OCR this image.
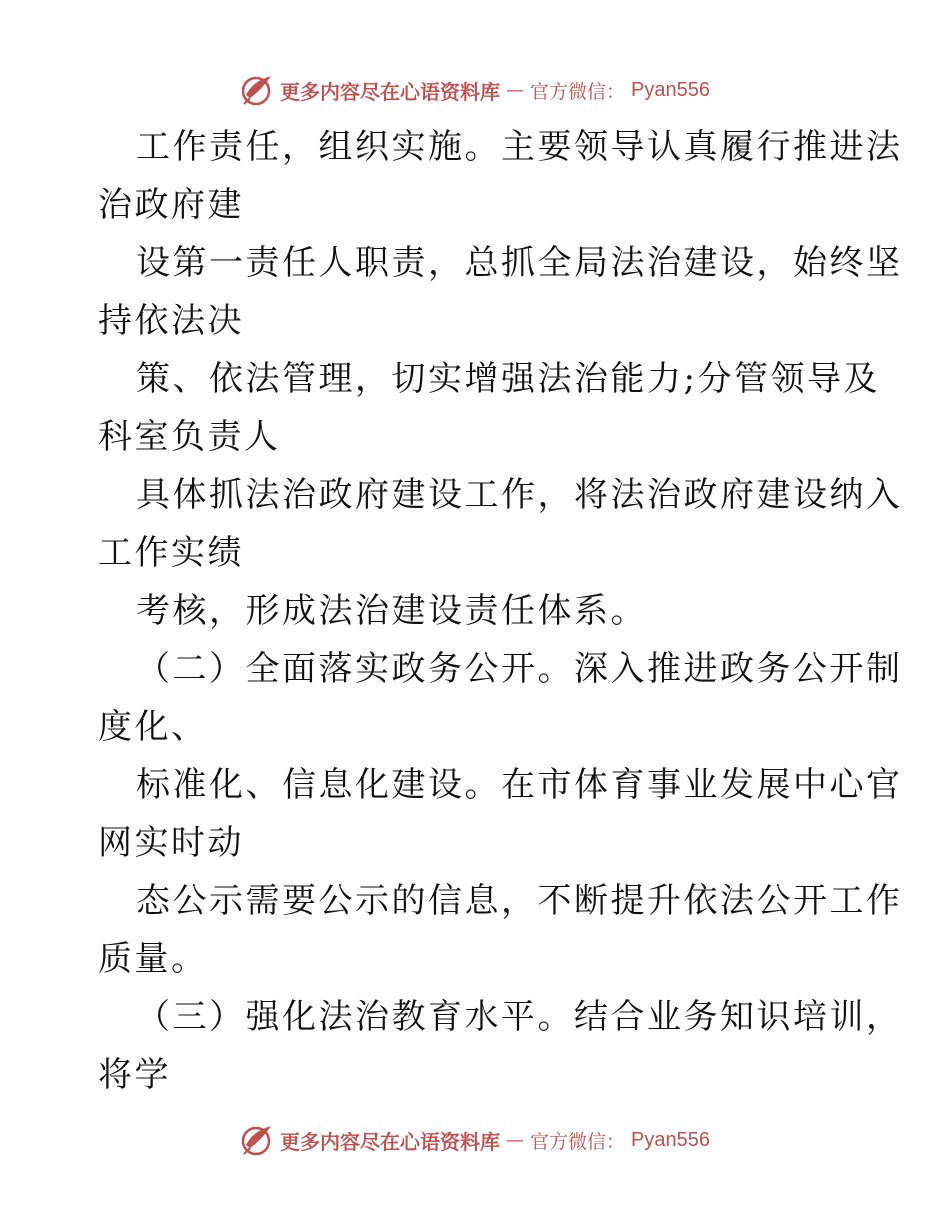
更多内容尽在心语资料库 — 官方微信： Pyan556
工作责任，组织实施。主要领导认真履行推进法
治政府建
设第一责任人职责，总抓全局法治建设，始终坚
持依法决
策、依法管理，切实增强法治能力;分管领导及
科室负责人
具体抓法治政府建设工作，将法治政府建设纳入
工作实绩
考核，形成法治建设责任体系。
（二）全面落实政务公开。深入推进政务公开制
度化、
标准化、信息化建设。在市体育事业发展中心官
网实时动
态公示需要公示的信息，不断提升依法公开工作
质量。
（三）强化法治教育水平。结合业务知识培训，
将学
更多内容尽在心语资料库 — 官方微信： Pyan556
